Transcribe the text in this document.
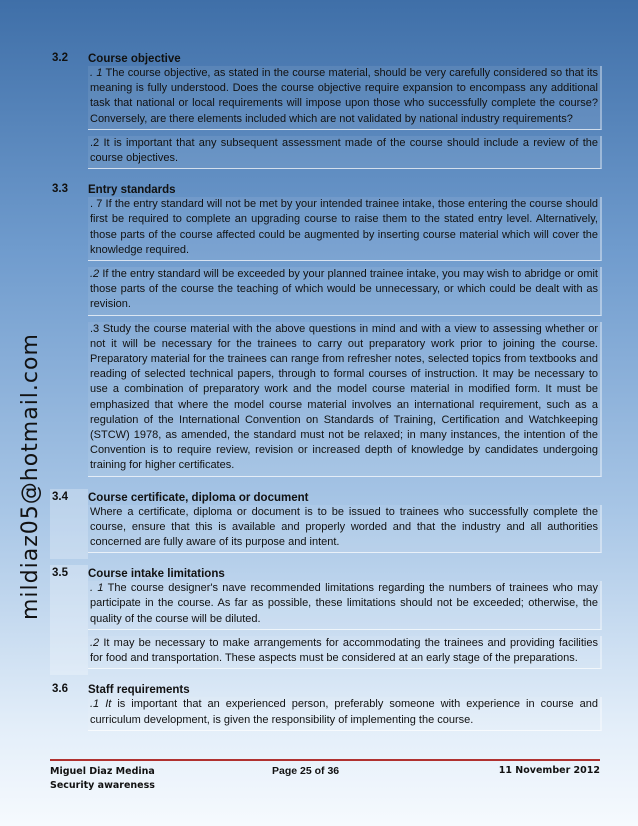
mildiaz05@hotmail.com
3.2	Course objective
. 1 The course objective, as stated in the course material, should be very carefully considered so that its meaning is fully understood. Does the course objective require expansion to encompass any additional task that national or local requirements will impose upon those who successfully complete the course? Conversely, are there elements included which are not validated by national industry requirements?
.2 It is important that any subsequent assessment made of the course should include a review of the course objectives.
3.3	Entry standards
. 7 If the entry standard will not be met by your intended trainee intake, those entering the course should first be required to complete an upgrading course to raise them to the stated entry level. Alternatively, those parts of the course affected could be augmented by inserting course material which will cover the knowledge required.
.2 If the entry standard will be exceeded by your planned trainee intake, you may wish to abridge or omit those parts of the course the teaching of which would be unnecessary, or which could be dealt with as revision.
.3 Study the course material with the above questions in mind and with a view to assessing whether or not it will be necessary for the trainees to carry out preparatory work prior to joining the course. Preparatory material for the trainees can range from refresher notes, selected topics from textbooks and reading of selected technical papers, through to formal courses of instruction. It may be necessary to use a combination of preparatory work and the model course material in modified form. It must be emphasized that where the model course material involves an international requirement, such as a regulation of the International Convention on Standards of Training, Certification and Watchkeeping (STCW) 1978, as amended, the standard must not be relaxed; in many instances, the intention of the Convention is to require review, revision or increased depth of knowledge by candidates undergoing training for higher certificates.
3.4	Course certificate, diploma or document
Where a certificate, diploma or document is to be issued to trainees who successfully complete the course, ensure that this is available and properly worded and that the industry and all authorities concerned are fully aware of its purpose and intent.
3.5	Course intake limitations
. 1 The course designer's nave recommended limitations regarding the numbers of trainees who may participate in the course. As far as possible, these limitations should not be exceeded; otherwise, the quality of the course will be diluted.
.2 It may be necessary to make arrangements for accommodating the trainees and providing facilities for food and transportation. These aspects must be considered at an early stage of the preparations.
3.6	Staff requirements
.1 It is important that an experienced person, preferably someone with experience in course and curriculum development, is given the responsibility of implementing the course.
Miguel Diaz Medina
Security awareness
Page 25 of 36	11 November 2012
